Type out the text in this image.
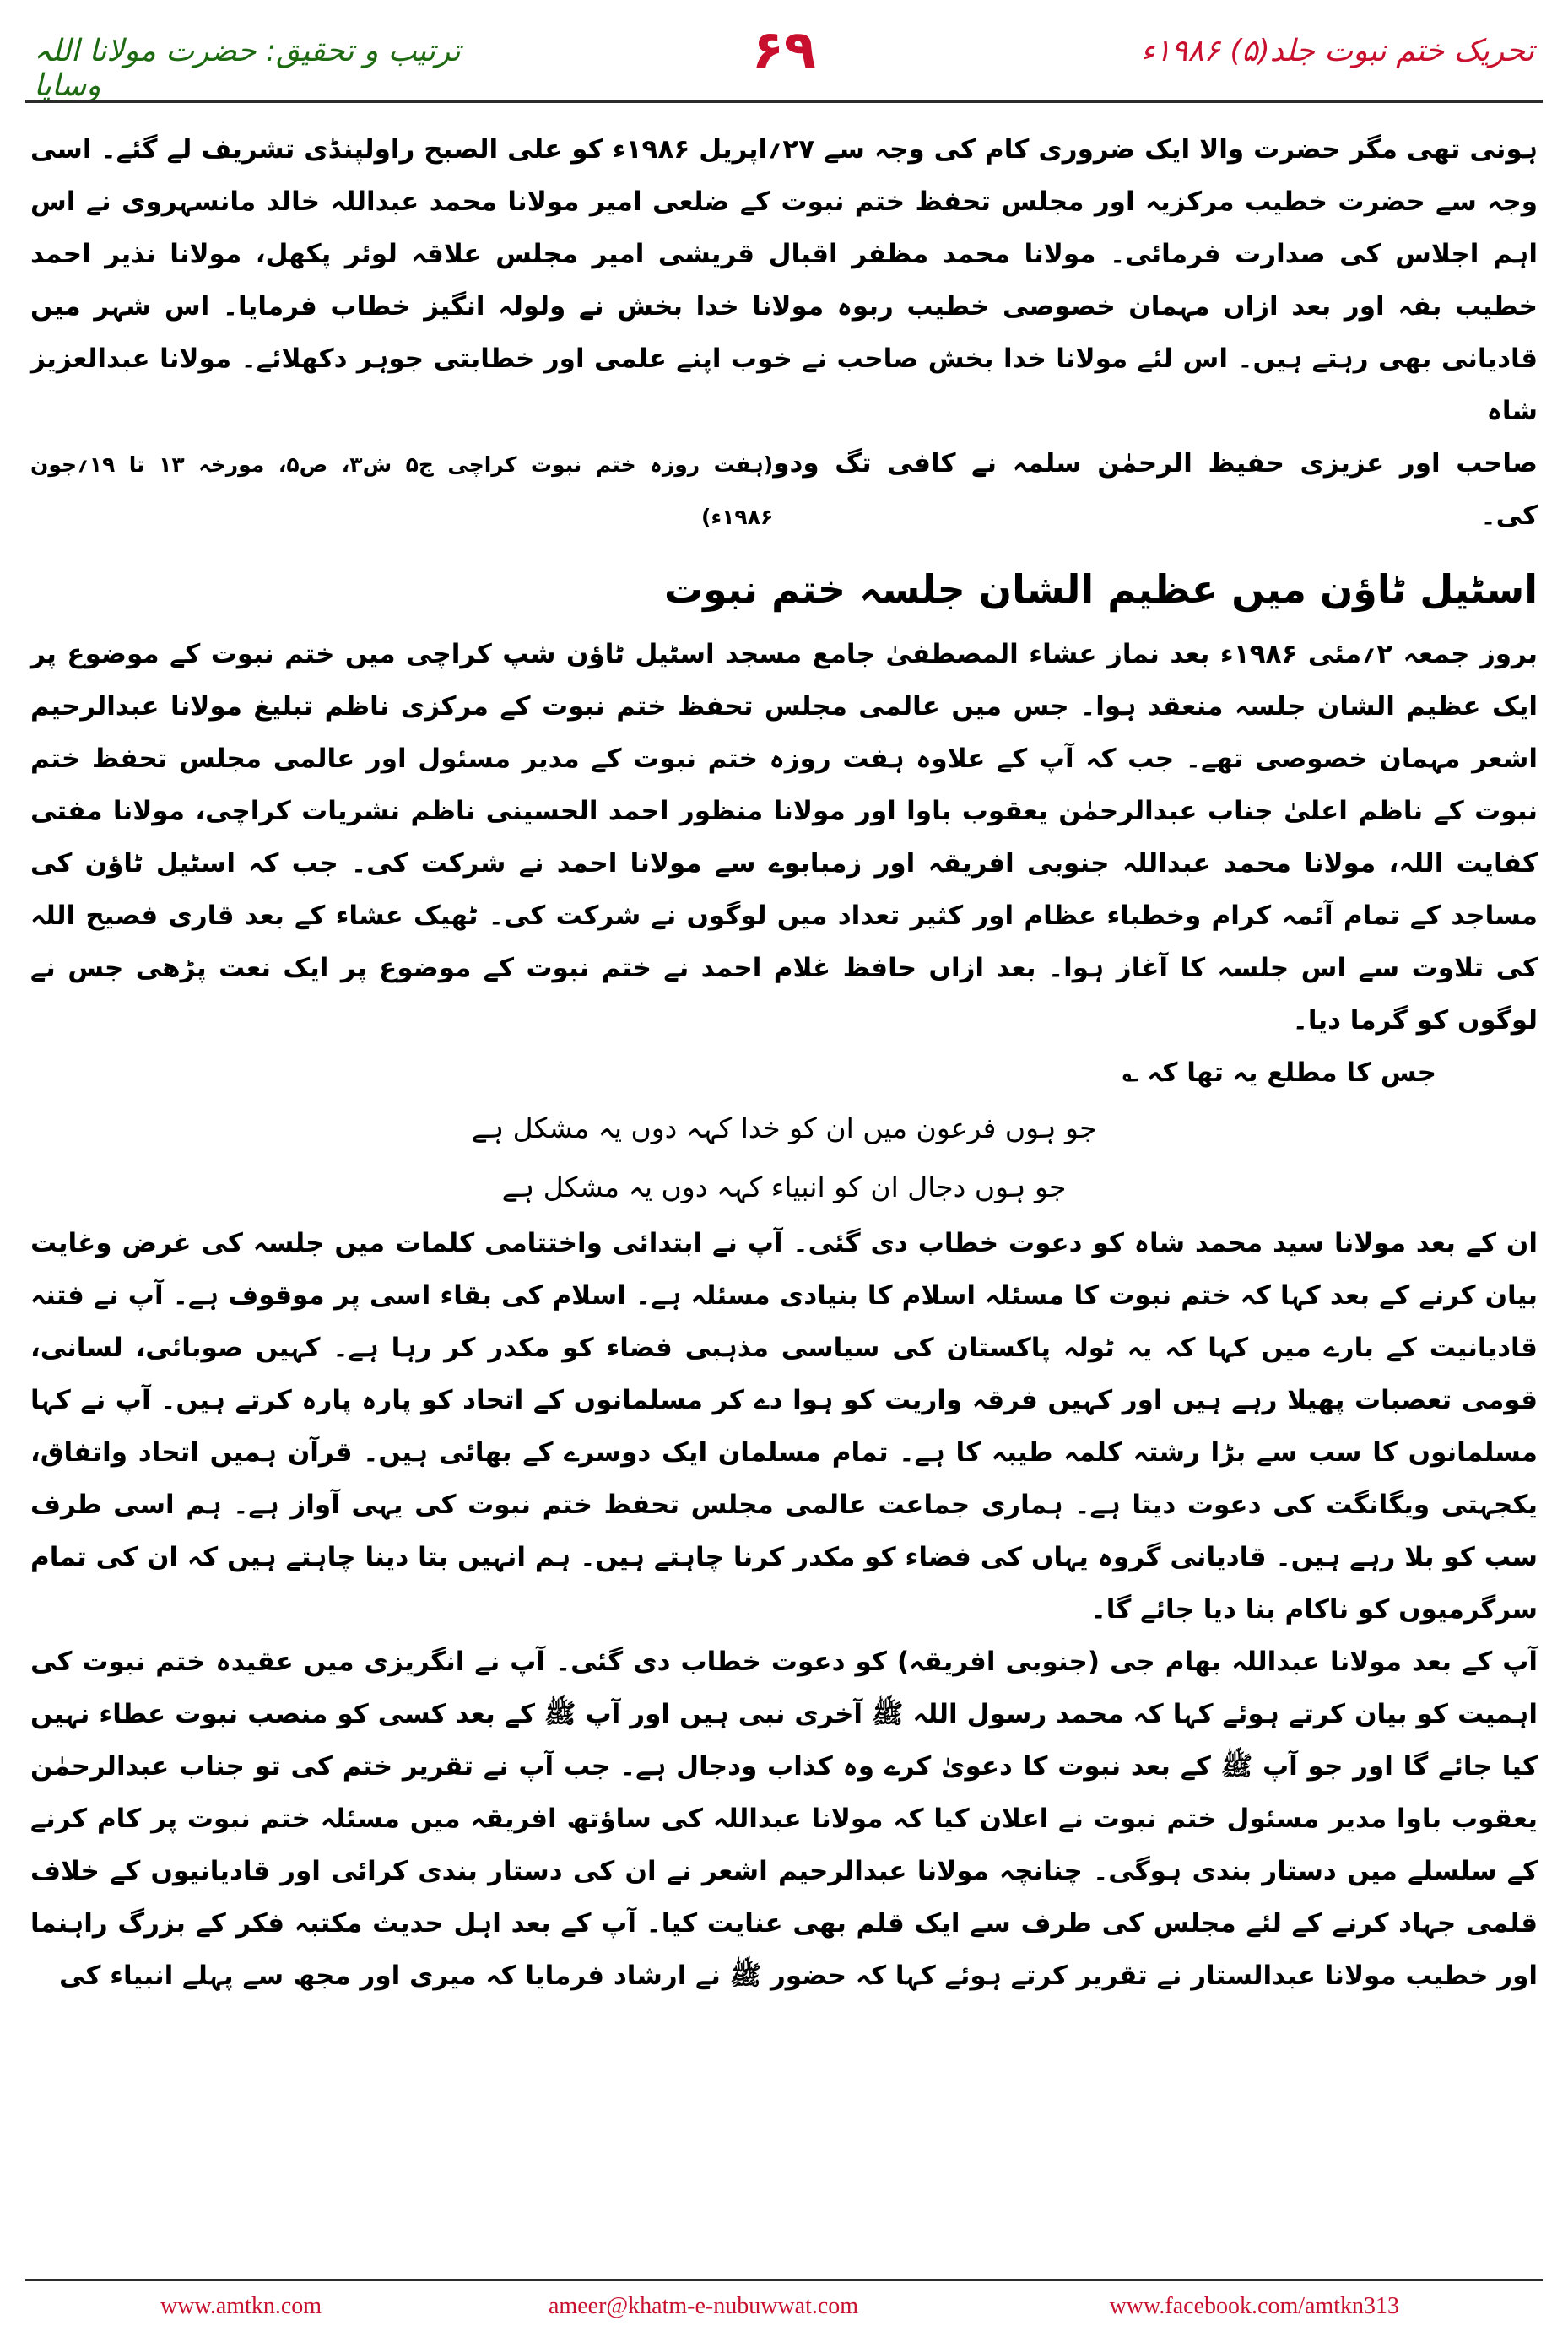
ترتیب و تحقیق: حضرت مولانا اللہ وسایا
۶۹	تحریک ختم نبوت جلد(۵) ۱۹۸۶ء

ہونی تھی مگر حضرت والا ایک ضروری کام کی وجہ سے ۲۷؍اپریل ۱۹۸۶ء کو علی الصبح راولپنڈی تشریف لے گئے۔ اسی وجہ سے حضرت خطیب مرکزیہ اور مجلس تحفظ ختم نبوت کے ضلعی امیر مولانا محمد عبداللہ خالد مانسہروی نے اس اہم اجلاس کی صدارت فرمائی۔ مولانا محمد مظفر اقبال قریشی امیر مجلس علاقہ لوئر پکھل، مولانا نذیر احمد خطیب بفہ اور بعد ازاں مہمان خصوصی خطیب ربوہ مولانا خدا بخش نے ولولہ انگیز خطاب فرمایا۔ اس شہر میں قادیانی بھی رہتے ہیں۔ اس لئے مولانا خدا بخش صاحب نے خوب اپنے علمی اور خطابتی جوہر دکھلائے۔ مولانا عبدالعزیز شاہ

صاحب اور عزیزی حفیظ الرحمٰن سلمہ نے کافی تگ ودو کی۔
(ہفت روزہ ختم نبوت کراچی ج۵ ش۳، ص۵، مورخہ ۱۳ تا ۱۹؍جون ۱۹۸۶ء)
اسٹیل ٹاؤن میں عظیم الشان جلسہ ختم نبوت

بروز جمعہ ۲؍مئی ۱۹۸۶ء بعد نماز عشاء المصطفیٰ جامع مسجد اسٹیل ٹاؤن شپ کراچی میں ختم نبوت کے موضوع پر ایک عظیم الشان جلسہ منعقد ہوا۔ جس میں عالمی مجلس تحفظ ختم نبوت کے مرکزی ناظم تبلیغ مولانا عبدالرحیم اشعر مہمان خصوصی تھے۔ جب کہ آپ کے علاوہ ہفت روزہ ختم نبوت کے مدیر مسئول اور عالمی مجلس تحفظ ختم نبوت کے ناظم اعلیٰ جناب عبدالرحمٰن یعقوب باوا اور مولانا منظور احمد الحسینی ناظم نشریات کراچی، مولانا مفتی کفایت اللہ، مولانا محمد عبداللہ جنوبی افریقہ اور زمبابوے سے مولانا احمد نے شرکت کی۔ جب کہ اسٹیل ٹاؤن کی مساجد کے تمام آئمہ کرام وخطباء عظام اور کثیر تعداد میں لوگوں نے شرکت کی۔ ٹھیک عشاء کے بعد قاری فصیح اللہ کی تلاوت سے اس جلسہ کا آغاز ہوا۔ بعد ازاں حافظ غلام احمد نے ختم نبوت کے موضوع پر ایک نعت پڑھی جس نے لوگوں کو گرما دیا۔

جس کا مطلع یہ تھا کہ ؎

جو ہوں فرعون میں ان کو خدا کہہ دوں یہ مشکل ہے

جو ہوں دجال ان کو انبیاء کہہ دوں یہ مشکل ہے

ان کے بعد مولانا سید محمد شاہ کو دعوت خطاب دی گئی۔ آپ نے ابتدائی واختتامی کلمات میں جلسہ کی غرض وغایت بیان کرنے کے بعد کہا کہ ختم نبوت کا مسئلہ اسلام کا بنیادی مسئلہ ہے۔ اسلام کی بقاء اسی پر موقوف ہے۔ آپ نے فتنہ قادیانیت کے بارے میں کہا کہ یہ ٹولہ پاکستان کی سیاسی مذہبی فضاء کو مکدر کر رہا ہے۔ کہیں صوبائی، لسانی، قومی تعصبات پھیلا رہے ہیں اور کہیں فرقہ واریت کو ہوا دے کر مسلمانوں کے اتحاد کو پارہ پارہ کرتے ہیں۔ آپ نے کہا مسلمانوں کا سب سے بڑا رشتہ کلمہ طیبہ کا ہے۔ تمام مسلمان ایک دوسرے کے بھائی ہیں۔ قرآن ہمیں اتحاد واتفاق، یکجہتی ویگانگت کی دعوت دیتا ہے۔ ہماری جماعت عالمی مجلس تحفظ ختم نبوت کی یہی آواز ہے۔ ہم اسی طرف سب کو بلا رہے ہیں۔ قادیانی گروہ یہاں کی فضاء کو مکدر کرنا چاہتے ہیں۔ ہم انہیں بتا دینا چاہتے ہیں کہ ان کی تمام سرگرمیوں کو ناکام بنا دیا جائے گا۔

آپ کے بعد مولانا عبداللہ بھام جی (جنوبی افریقہ) کو دعوت خطاب دی گئی۔ آپ نے انگریزی میں عقیدہ ختم نبوت کی اہمیت کو بیان کرتے ہوئے کہا کہ محمد رسول اللہ ﷺ آخری نبی ہیں اور آپ ﷺ کے بعد کسی کو منصب نبوت عطاء نہیں کیا جائے گا اور جو آپ ﷺ کے بعد نبوت کا دعویٰ کرے وہ کذاب ودجال ہے۔ جب آپ نے تقریر ختم کی تو جناب عبدالرحمٰن یعقوب باوا مدیر مسئول ختم نبوت نے اعلان کیا کہ مولانا عبداللہ کی ساؤتھ افریقہ میں مسئلہ ختم نبوت پر کام کرنے کے سلسلے میں دستار بندی ہوگی۔ چنانچہ مولانا عبدالرحیم اشعر نے ان کی دستار بندی کرائی اور قادیانیوں کے خلاف قلمی جہاد کرنے کے لئے مجلس کی طرف سے ایک قلم بھی عنایت کیا۔ آپ کے بعد اہل حدیث مکتبہ فکر کے بزرگ راہنما اور خطیب مولانا عبدالستار نے تقریر کرتے ہوئے کہا کہ حضور ﷺ نے ارشاد فرمایا کہ میری اور مجھ سے پہلے انبیاء کی

www.amtkn.com	ameer@khatm-e-nubuwwat.com	www.facebook.com/amtkn313
